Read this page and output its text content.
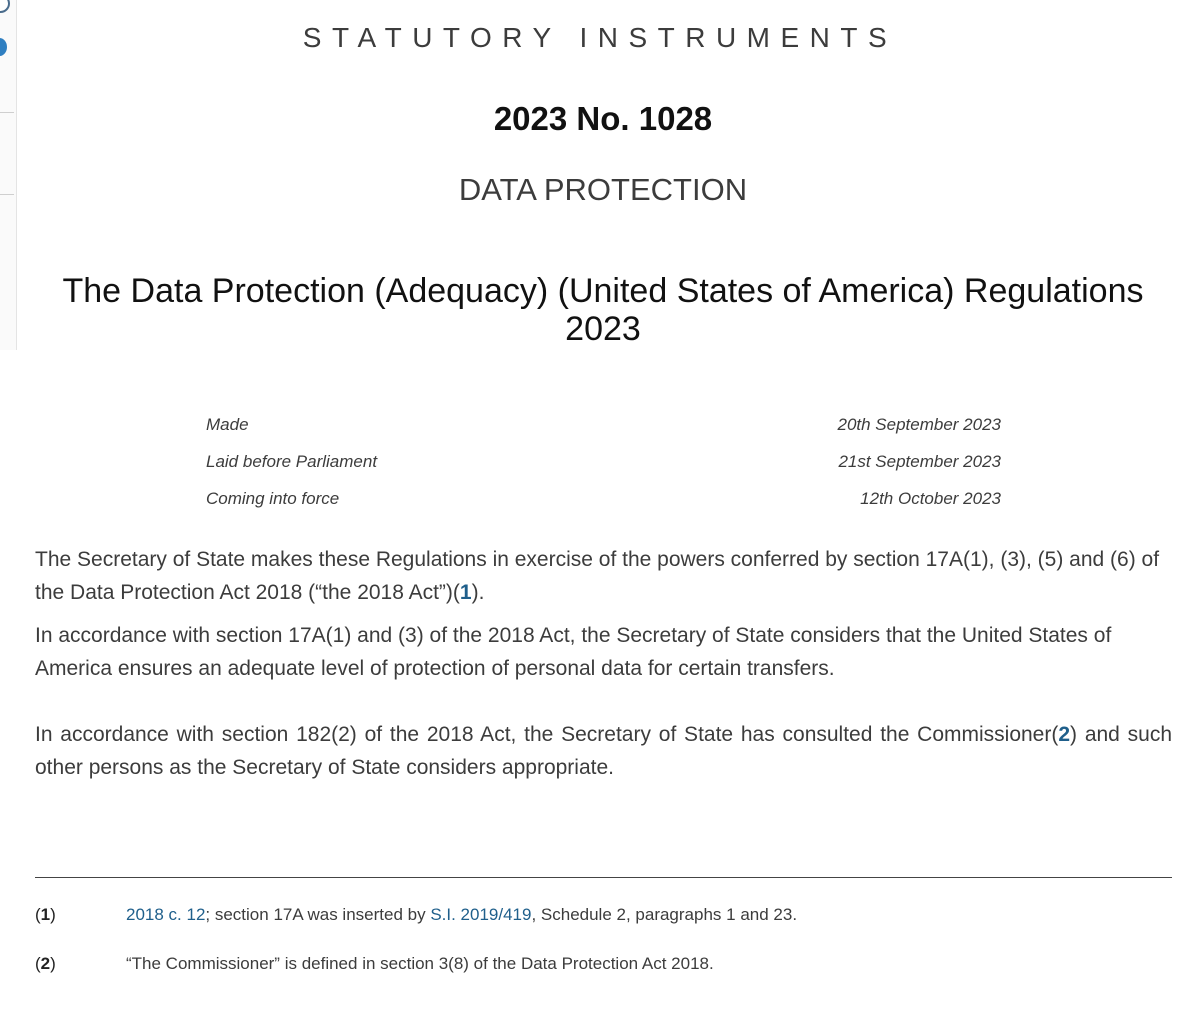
STATUTORY INSTRUMENTS
2023 No. 1028
DATA PROTECTION
The Data Protection (Adequacy) (United States of America) Regulations 2023
Made	20th September 2023
Laid before Parliament	21st September 2023
Coming into force	12th October 2023

The Secretary of State makes these Regulations in exercise of the powers conferred by section 17A(1), (3), (5) and (6) of the Data Protection Act 2018 (“the 2018 Act”)(1).

In accordance with section 17A(1) and (3) of the 2018 Act, the Secretary of State considers that the United States of America ensures an adequate level of protection of personal data for certain transfers.

In accordance with section 182(2) of the 2018 Act, the Secretary of State has consulted the Commissioner(2) and such other persons as the Secretary of State considers appropriate.

(1)	2018 c. 12; section 17A was inserted by S.I. 2019/419, Schedule 2, paragraphs 1 and 23.
(2)	“The Commissioner” is defined in section 3(8) of the Data Protection Act 2018.
